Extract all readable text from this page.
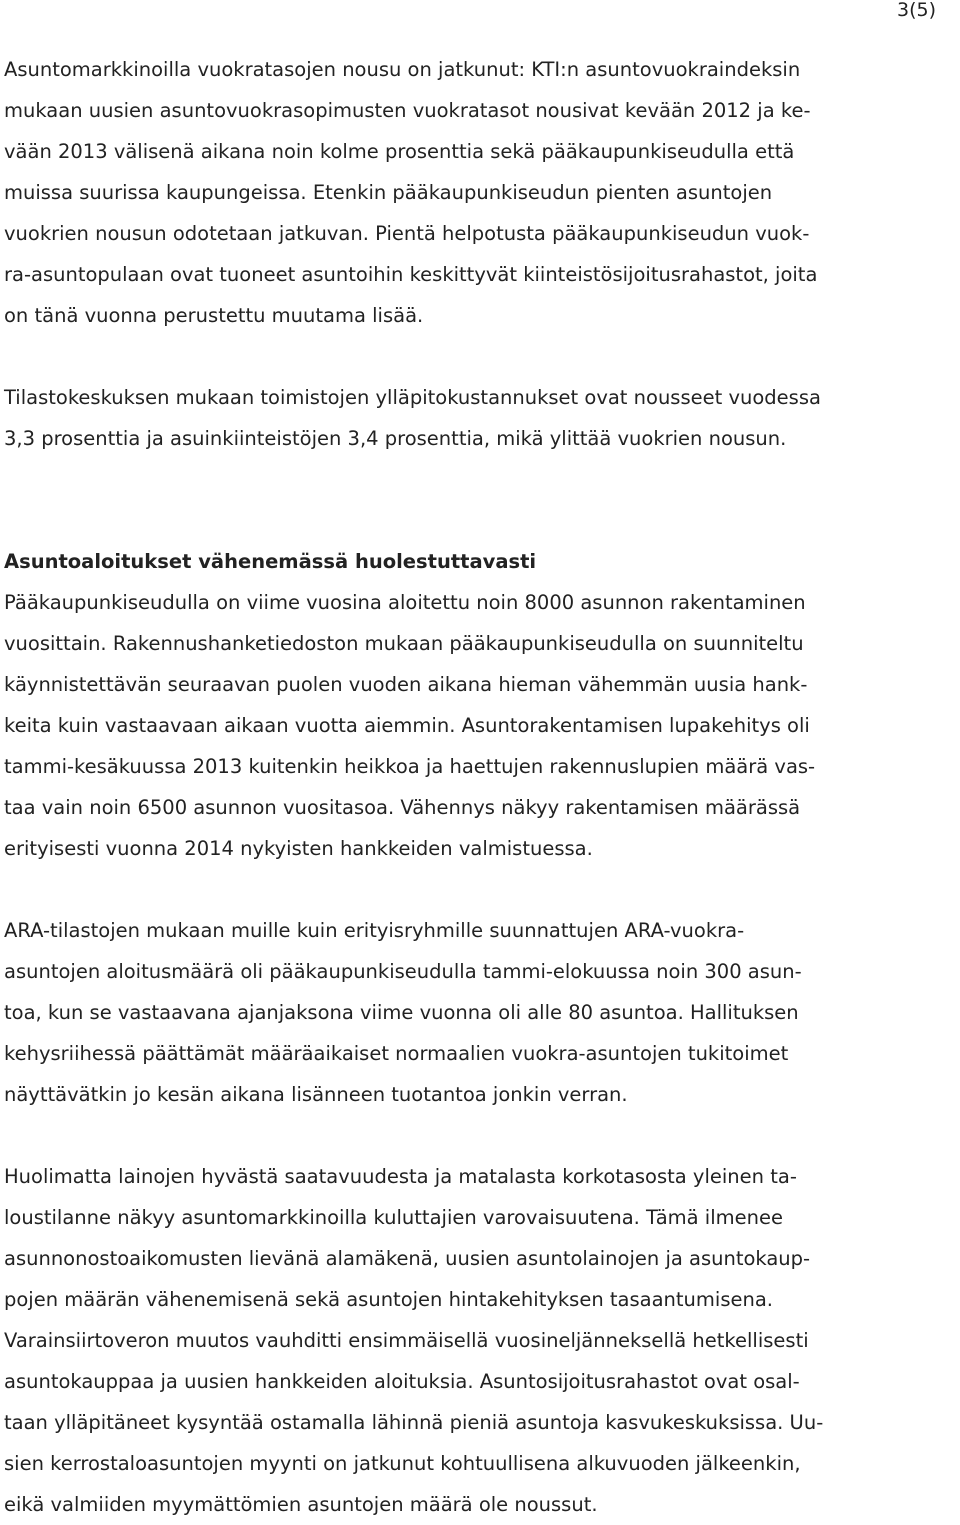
3(5)
Asuntomarkkinoilla vuokratasojen nousu on jatkunut: KTI:n asuntovuokraindeksin
mukaan uusien asuntovuokrasopimusten vuokratasot nousivat kevään 2012 ja ke-
vään 2013 välisenä aikana noin kolme prosenttia sekä pääkaupunkiseudulla että
muissa suurissa kaupungeissa. Etenkin pääkaupunkiseudun pienten asuntojen
vuokrien nousun odotetaan jatkuvan. Pientä helpotusta pääkaupunkiseudun vuok-
ra-asuntopulaan ovat tuoneet asuntoihin keskittyvät kiinteistösijoitusrahastot, joita
on tänä vuonna perustettu muutama lisää.
Tilastokeskuksen mukaan toimistojen ylläpitokustannukset ovat nousseet vuodessa
3,3 prosenttia ja asuinkiinteistöjen 3,4 prosenttia, mikä ylittää vuokrien nousun.
Asuntoaloitukset vähenemässä huolestuttavasti
Pääkaupunkiseudulla on viime vuosina aloitettu noin 8000 asunnon rakentaminen
vuosittain. Rakennushanketiedoston mukaan pääkaupunkiseudulla on suunniteltu
käynnistettävän seuraavan puolen vuoden aikana hieman vähemmän uusia hank-
keita kuin vastaavaan aikaan vuotta aiemmin. Asuntorakentamisen lupakehitys oli
tammi-kesäkuussa 2013 kuitenkin heikkoa ja haettujen rakennuslupien määrä vas-
taa vain noin 6500 asunnon vuositasoa. Vähennys näkyy rakentamisen määrässä
erityisesti vuonna 2014 nykyisten hankkeiden valmistuessa.
ARA-tilastojen mukaan muille kuin erityisryhmille suunnattujen ARA-vuokra-
asuntojen aloitusmäärä oli pääkaupunkiseudulla tammi-elokuussa noin 300 asun-
toa, kun se vastaavana ajanjaksona viime vuonna oli alle 80 asuntoa. Hallituksen
kehysriihessä päättämät määräaikaiset normaalien vuokra-asuntojen tukitoimet
näyttävätkin jo kesän aikana lisänneen tuotantoa jonkin verran.
Huolimatta lainojen hyvästä saatavuudesta ja matalasta korkotasosta yleinen ta-
loustilanne näkyy asuntomarkkinoilla kuluttajien varovaisuutena. Tämä ilmenee
asunnonostoaikomusten lievänä alamäkenä, uusien asuntolainojen ja asuntokaup-
pojen määrän vähenemisenä sekä asuntojen hintakehityksen tasaantumisena.
Varainsiirtoveron muutos vauhditti ensimmäisellä vuosineljänneksellä hetkellisesti
asuntokauppaa ja uusien hankkeiden aloituksia. Asuntosijoitusrahastot ovat osal-
taan ylläpitäneet kysyntää ostamalla lähinnä pieniä asuntoja kasvukeskuksissa. Uu-
sien kerrostaloasuntojen myynti on jatkunut kohtuullisena alkuvuoden jälkeenkin,
eikä valmiiden myymättömien asuntojen määrä ole noussut.
